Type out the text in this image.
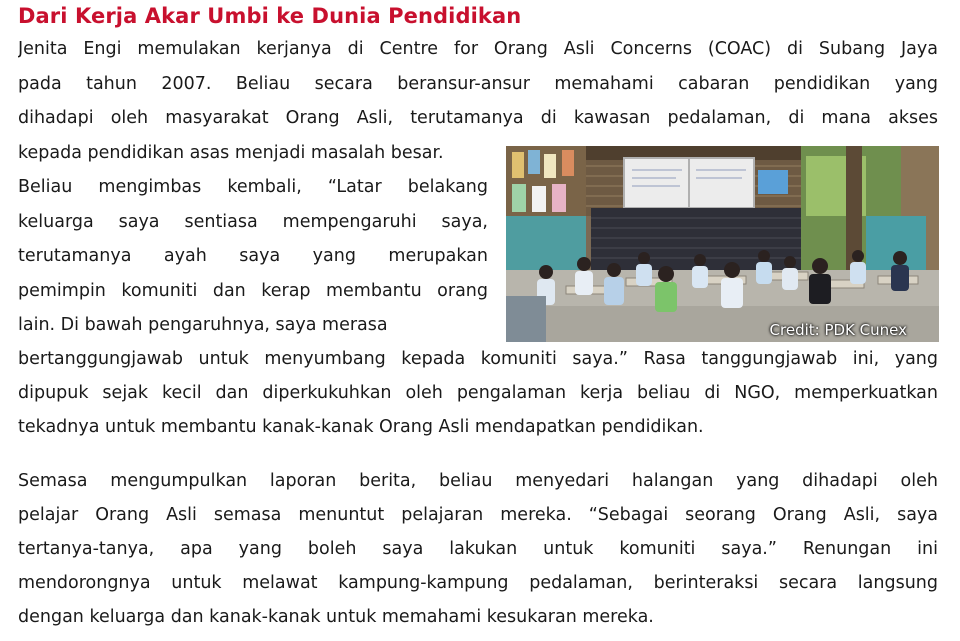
Dari Kerja Akar Umbi ke Dunia Pendidikan
Jenita Engi memulakan kerjanya di Centre for Orang Asli Concerns (COAC) di Subang Jaya
pada tahun 2007. Beliau secara beransur-ansur memahami cabaran pendidikan yang
dihadapi oleh masyarakat Orang Asli, terutamanya di kawasan pedalaman, di mana akses
kepada pendidikan asas menjadi masalah besar.
Beliau mengimbas kembali, “Latar belakang
keluarga saya sentiasa mempengaruhi saya,
terutamanya ayah saya yang merupakan
pemimpin komuniti dan kerap membantu orang
lain. Di bawah pengaruhnya, saya merasa
bertanggungjawab untuk menyumbang kepada komuniti saya.” Rasa tanggungjawab ini, yang
dipupuk sejak kecil dan diperkukuhkan oleh pengalaman kerja beliau di NGO, memperkuatkan
tekadnya untuk membantu kanak-kanak Orang Asli mendapatkan pendidikan.
Semasa mengumpulkan laporan berita, beliau menyedari halangan yang dihadapi oleh
pelajar Orang Asli semasa menuntut pelajaran mereka. “Sebagai seorang Orang Asli, saya
tertanya-tanya, apa yang boleh saya lakukan untuk komuniti saya.” Renungan ini
mendorongnya untuk melawat kampung-kampung pedalaman, berinteraksi secara langsung
dengan keluarga dan kanak-kanak untuk memahami kesukaran mereka.
Credit: PDK Cunex
